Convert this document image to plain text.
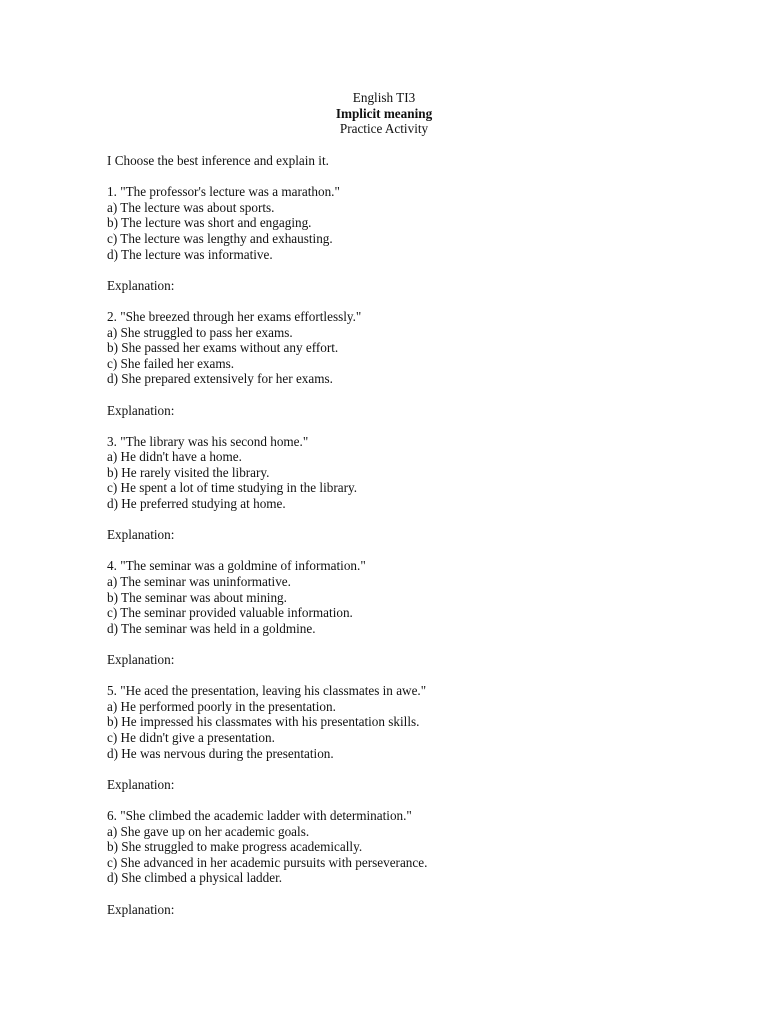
English TI3
Implicit meaning
Practice Activity
I Choose the best inference and explain it.
1. "The professor's lecture was a marathon."
a) The lecture was about sports.
b) The lecture was short and engaging.
c) The lecture was lengthy and exhausting.
d) The lecture was informative.
Explanation:
2. "She breezed through her exams effortlessly."
a) She struggled to pass her exams.
b) She passed her exams without any effort.
c) She failed her exams.
d) She prepared extensively for her exams.
Explanation:
3. "The library was his second home."
a) He didn't have a home.
b) He rarely visited the library.
c) He spent a lot of time studying in the library.
d) He preferred studying at home.
Explanation:
4. "The seminar was a goldmine of information."
a) The seminar was uninformative.
b) The seminar was about mining.
c) The seminar provided valuable information.
d) The seminar was held in a goldmine.
Explanation:
5. "He aced the presentation, leaving his classmates in awe."
a) He performed poorly in the presentation.
b) He impressed his classmates with his presentation skills.
c) He didn't give a presentation.
d) He was nervous during the presentation.
Explanation:
6. "She climbed the academic ladder with determination."
a) She gave up on her academic goals.
b) She struggled to make progress academically.
c) She advanced in her academic pursuits with perseverance.
d) She climbed a physical ladder.
Explanation:
